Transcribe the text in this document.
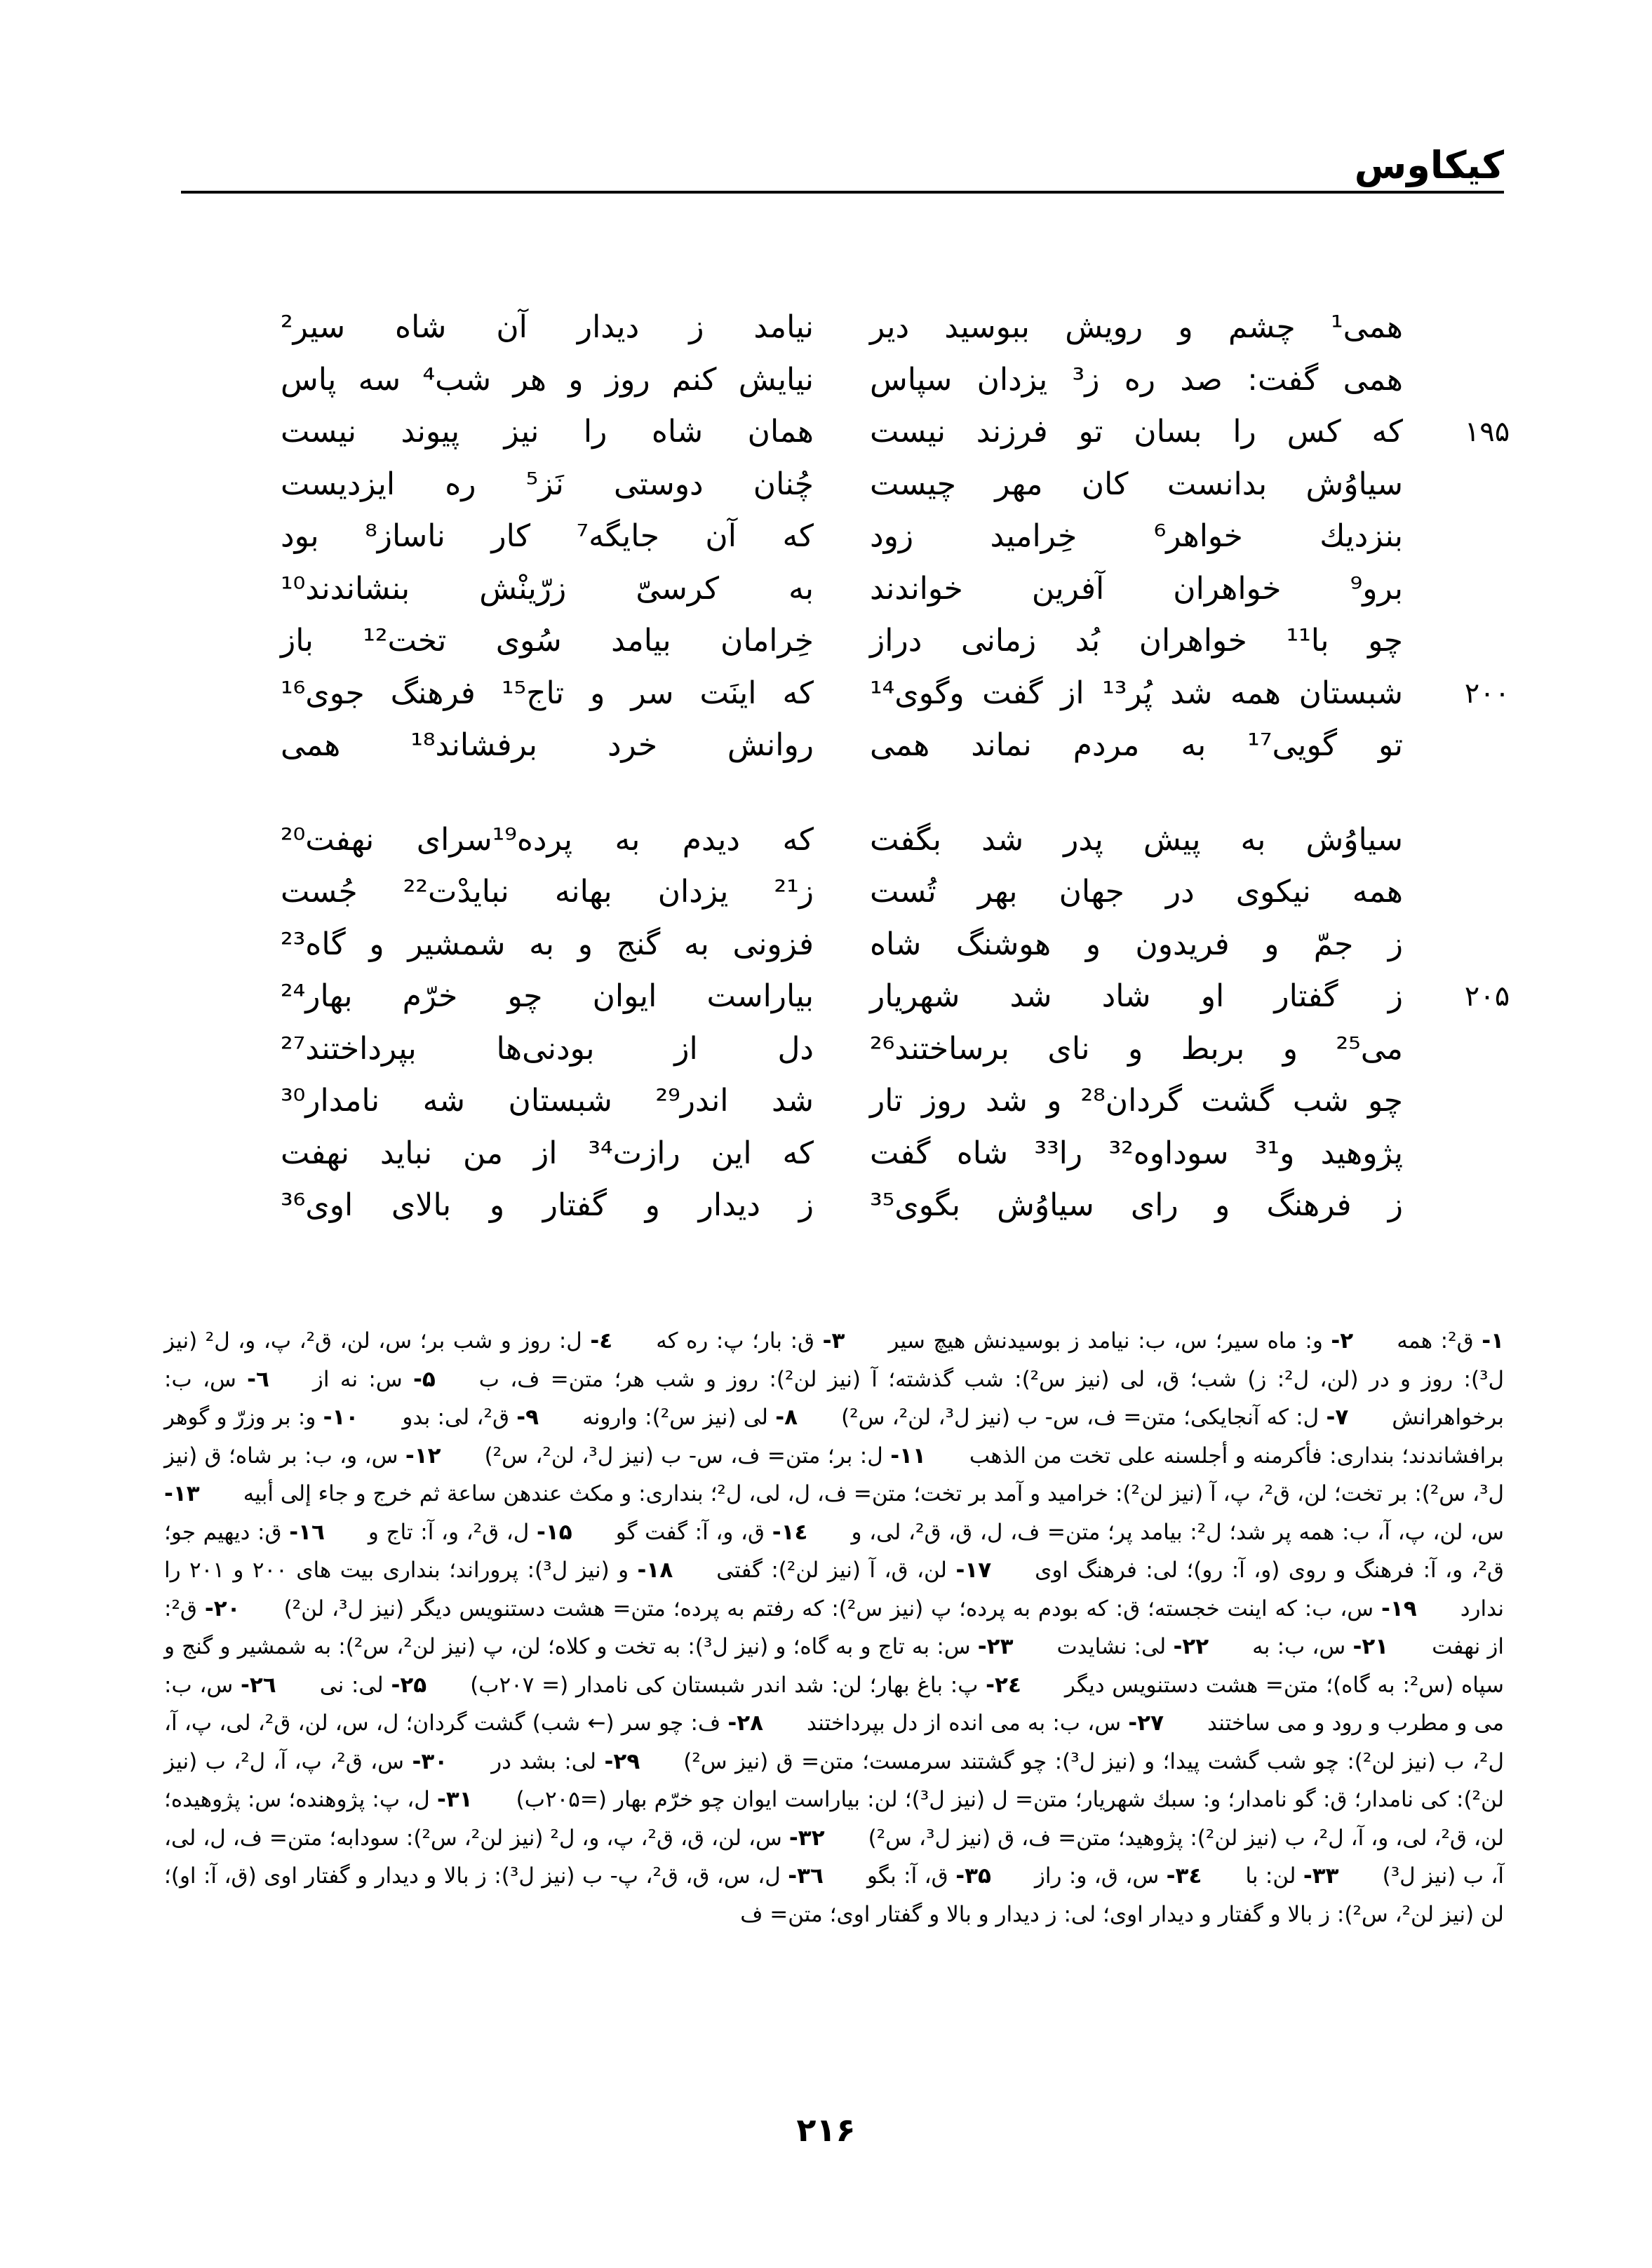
کیکاوس
همی¹ چشم و رویش ببوسید دیر
نیامد ز دیدار آن شاه سیر²
همی گفت: صد ره ز³ یزدان سپاس
نیایش کنم روز و هر شب⁴ سه پاس
۱۹۵
که کس را بسان تو فرزند نیست
همان شاه را نیز پیوند نیست
سیاوُش بدانست کان مهر چیست
چُنان دوستی نَز⁵ ره ایزدیست
بنزدیك خواهر⁶ خِرامید زود
که آن جایگه⁷ کار ناساز⁸ بود
برو⁹ خواهران آفرین خواندند
به کرسیّ زرّینْش بنشاندند¹⁰
چو با¹¹ خواهران بُد زمانی دراز
خِرامان بیامد سُوی تخت¹² باز
۲۰۰
شبستان همه شد پُر¹³ از گفت وگوی¹⁴
که اینَت سر و تاج¹⁵ فرهنگ جوی¹⁶
تو گویی¹⁷ به مردم نماند همی
روانش خرد برفشاند¹⁸ همی
سیاوُش به پیش پدر شد بگفت
که دیدم به پرده¹⁹سرای نهفت²⁰
همه نیکوی در جهان بهر تُست
ز²¹ یزدان بهانه نبایدْت²² جُست
ز جمّ و فریدون و هوشنگ شاه
فزونی به گنج و به شمشیر و گاه²³
۲۰۵
ز گفتار او شاد شد شهریار
بیاراست ایوان چو خرّم بهار²⁴
می²⁵ و بربط و نای برساختند²⁶
دل از بودنی‌ها بپرداختند²⁷
چو شب گشت گردان²⁸ و شد روز تار
شد اندر²⁹ شبستان شه نامدار³⁰
پژوهید و³¹ سوداوه³² را³³ شاه گفت
که این رازت³⁴ از من نباید نهفت
ز فرهنگ و رای سیاوُش بگوی³⁵
ز دیدار و گفتار و بالای اوی³⁶
۱- ق²: همه  ۲- و: ماه سیر؛ س، ب: نیامد ز بوسیدنش هیچ سیر  ۳- ق: بار؛ پ: ره که  ٤- ل: روز و شب بر؛ س، لن، ق²، پ، و، ل² (نیز ل³): روز و در (لن، ل²: ز) شب؛ ق، لی (نیز س²): شب گذشته؛ آ (نیز لن²): روز و شب هر؛ متن= ف، ب  ۵- س: نه از  ٦- س، ب: برخواهرانش  ۷- ل: که آنجایکی؛ متن= ف، س- ب (نیز ل³، لن²، س²)  ۸- لی (نیز س²): وارونه  ۹- ق²، لی: بدو  ۱۰- و: بر وزرّ و گوهر برافشاندند؛ بنداری: فأکرمنه و أجلسنه علی تخت من الذهب  ۱۱- ل: بر؛ متن= ف، س- ب (نیز ل³، لن²، س²)  ۱۲- س، و، ب: بر شاه؛ ق (نیز ل³، س²): بر تخت؛ لن، ق²، پ، آ (نیز لن²): خرامید و آمد بر تخت؛ متن= ف، ل، لی، ل²؛ بنداری: و مکث عندهن ساعة ثم خرج و جاء إلى أبیه  ۱۳- س، لن، پ، آ، ب: همه پر شد؛ ل²: بیامد پر؛ متن= ف، ل، ق، ق²، لی، و  ١٤- ق، و، آ: گفت گو  ۱۵- ل، ق²، و، آ: تاج و  ١٦- ق: دیهیم جو؛ ق²، و، آ: فرهنگ و روی (و، آ: رو)؛ لی: فرهنگ اوی  ۱۷- لن، ق، آ (نیز لن²): گفتی  ۱۸- و (نیز ل³): پروراند؛ بنداری بیت های ۲۰۰ و ۲۰۱ را ندارد  ۱۹- س، ب: که اینت خجسته؛ ق: که بودم به پرده؛ پ (نیز س²): که رفتم به پرده؛ متن= هشت دستنویس دیگر (نیز ل³، لن²)  ۲۰- ق²: از نهفت  ۲۱- س، ب: به  ۲۲- لی: نشایدت  ۲۳- س: به تاج و به گاه؛ و (نیز ل³): به تخت و کلاه؛ لن، پ (نیز لن²، س²): به شمشیر و گنج و سپاه (س²: به گاه)؛ متن= هشت دستنویس دیگر  ٢٤- پ: باغ بهار؛ لن: شد اندر شبستان کی نامدار (= ۲۰۷ب)  ۲۵- لی: نی  ٢٦- س، ب: می و مطرب و رود و می ساختند  ۲۷- س، ب: به می انده از دل بپرداختند  ۲۸- ف: چو سر (← شب) گشت گردان؛ ل، س، لن، ق²، لی، پ، آ، ل²، ب (نیز لن²): چو شب گشت پیدا؛ و (نیز ل³): چو گشتند سرمست؛ متن= ق (نیز س²)  ۲۹- لی: بشد در  ۳۰- س، ق²، پ، آ، ل²، ب (نیز لن²): کی نامدار؛ ق: گو نامدار؛ و: سبك شهریار؛ متن= ل (نیز ل³)؛ لن: بیاراست ایوان چو خرّم بهار (=۲۰۵ب)  ۳۱- ل، پ: پژوهنده؛ س: پژوهیده؛ لن، ق²، لی، و، آ، ل²، ب (نیز لن²): پژوهید؛ متن= ف، ق (نیز ل³، س²)  ۳۲- س، لن، ق، ق²، پ، و، ل² (نیز لن²، س²): سودابه؛ متن= ف، ل، لی، آ، ب (نیز ل³)  ۳۳- لن: با  ٣٤- س، ق، و: راز  ۳۵- ق، آ: بگو  ٣٦- ل، س، ق، ق²، پ- ب (نیز ل³): ز بالا و دیدار و گفتار اوی (ق، آ: او)؛ لن (نیز لن²، س²): ز بالا و گفتار و دیدار اوی؛ لی: ز دیدار و بالا و گفتار اوی؛ متن= ف  
۲۱۶
